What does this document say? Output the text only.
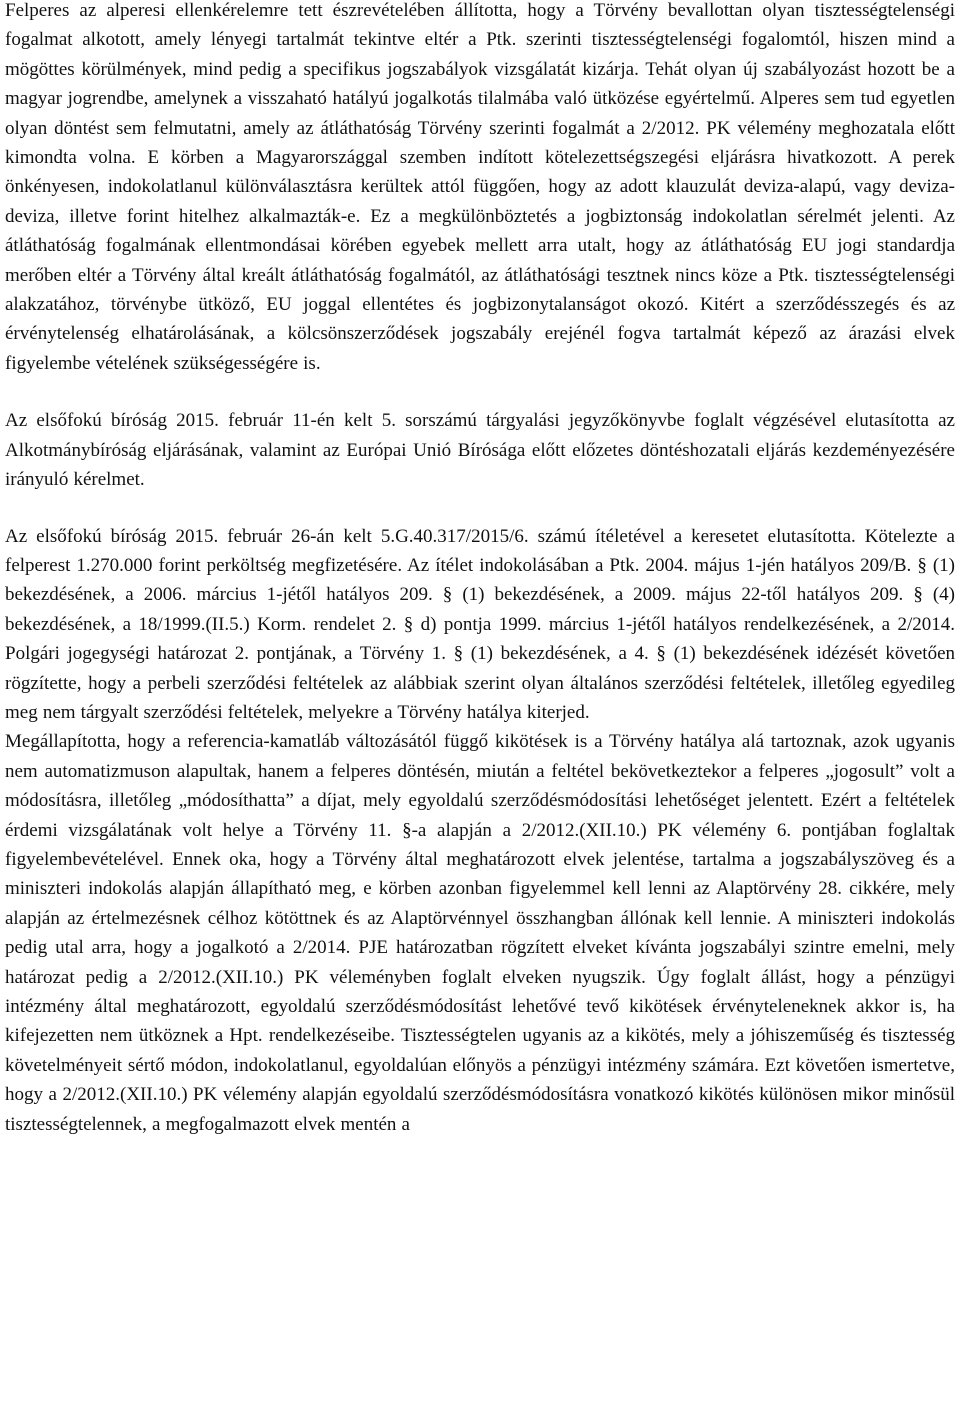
Felperes az alperesi ellenkérelemre tett észrevételében állította, hogy a Törvény bevallottan olyan tisztességtelenségi fogalmat alkotott, amely lényegi tartalmát tekintve eltér a Ptk. szerinti tisztességtelenségi fogalomtól, hiszen mind a mögöttes körülmények, mind pedig a specifikus jogszabályok vizsgálatát kizárja. Tehát olyan új szabályozást hozott be a magyar jogrendbe, amelynek a visszaható hatályú jogalkotás tilalmába való ütközése egyértelmű. Alperes sem tud egyetlen olyan döntést sem felmutatni, amely az átláthatóság Törvény szerinti fogalmát a 2/2012. PK vélemény meghozatala előtt kimondta volna. E körben a Magyarországgal szemben indított kötelezettségszegési eljárásra hivatkozott. A perek önkényesen, indokolatlanul különválasztásra kerültek attól függően, hogy az adott klauzulát deviza-alapú, vagy deviza-deviza, illetve forint hitelhez alkalmazták-e. Ez a megkülönböztetés a jogbiztonság indokolatlan sérelmét jelenti. Az átláthatóság fogalmának ellentmondásai körében egyebek mellett arra utalt, hogy az átláthatóság EU jogi standardja merőben eltér a Törvény által kreált átláthatóság fogalmától, az átláthatósági tesztnek nincs köze a Ptk. tisztességtelenségi alakzatához, törvénybe ütköző, EU joggal ellentétes és jogbizonytalanságot okozó. Kitért a szerződésszegés és az érvénytelenség elhatárolásának, a kölcsönszerződések jogszabály erejénél fogva tartalmát képező az árazási elvek figyelembe vételének szükségességére is.

Az elsőfokú bíróság 2015. február 11-én kelt 5. sorszámú tárgyalási jegyzőkönyvbe foglalt végzésével elutasította az Alkotmánybíróság eljárásának, valamint az Európai Unió Bírósága előtt előzetes döntéshozatali eljárás kezdeményezésére irányuló kérelmet.

Az elsőfokú bíróság 2015. február 26-án kelt 5.G.40.317/2015/6. számú ítéletével a keresetet elutasította. Kötelezte a felperest 1.270.000 forint perköltség megfizetésére. Az ítélet indokolásában a Ptk. 2004. május 1-jén hatályos 209/B. § (1) bekezdésének, a 2006. március 1-jétől hatályos 209. § (1) bekezdésének, a 2009. május 22-től hatályos 209. § (4) bekezdésének, a 18/1999.(II.5.) Korm. rendelet 2. § d) pontja 1999. március 1-jétől hatályos rendelkezésének, a 2/2014. Polgári jogegységi határozat 2. pontjának, a Törvény 1. § (1) bekezdésének, a 4. § (1) bekezdésének idézését követően rögzítette, hogy a perbeli szerződési feltételek az alábbiak szerint olyan általános szerződési feltételek, illetőleg egyedileg meg nem tárgyalt szerződési feltételek, melyekre a Törvény hatálya kiterjed.

Megállapította, hogy a referencia-kamatláb változásától függő kikötések is a Törvény hatálya alá tartoznak, azok ugyanis nem automatizmuson alapultak, hanem a felperes döntésén, miután a feltétel bekövetkeztekor a felperes „jogosult” volt a módosításra, illetőleg „módosíthatta” a díjat, mely egyoldalú szerződésmódosítási lehetőséget jelentett. Ezért a feltételek érdemi vizsgálatának volt helye a Törvény 11. §-a alapján a 2/2012.(XII.10.) PK vélemény 6. pontjában foglaltak figyelembevételével. Ennek oka, hogy a Törvény által meghatározott elvek jelentése, tartalma a jogszabályszöveg és a miniszteri indokolás alapján állapítható meg, e körben azonban figyelemmel kell lenni az Alaptörvény 28. cikkére, mely alapján az értelmezésnek célhoz kötöttnek és az Alaptörvénnyel összhangban állónak kell lennie. A miniszteri indokolás pedig utal arra, hogy a jogalkotó a 2/2014. PJE határozatban rögzített elveket kívánta jogszabályi szintre emelni, mely határozat pedig a 2/2012.(XII.10.) PK véleményben foglalt elveken nyugszik. Úgy foglalt állást, hogy a pénzügyi intézmény által meghatározott, egyoldalú szerződésmódosítást lehetővé tevő kikötések érvényteleneknek akkor is, ha kifejezetten nem ütköznek a Hpt. rendelkezéseibe. Tisztességtelen ugyanis az a kikötés, mely a jóhiszeműség és tisztesség követelményeit sértő módon, indokolatlanul, egyoldalúan előnyös a pénzügyi intézmény számára. Ezt követően ismertetve, hogy a 2/2012.(XII.10.) PK vélemény alapján egyoldalú szerződésmódosításra vonatkozó kikötés különösen mikor minősül tisztességtelennek, a megfogalmazott elvek mentén a
